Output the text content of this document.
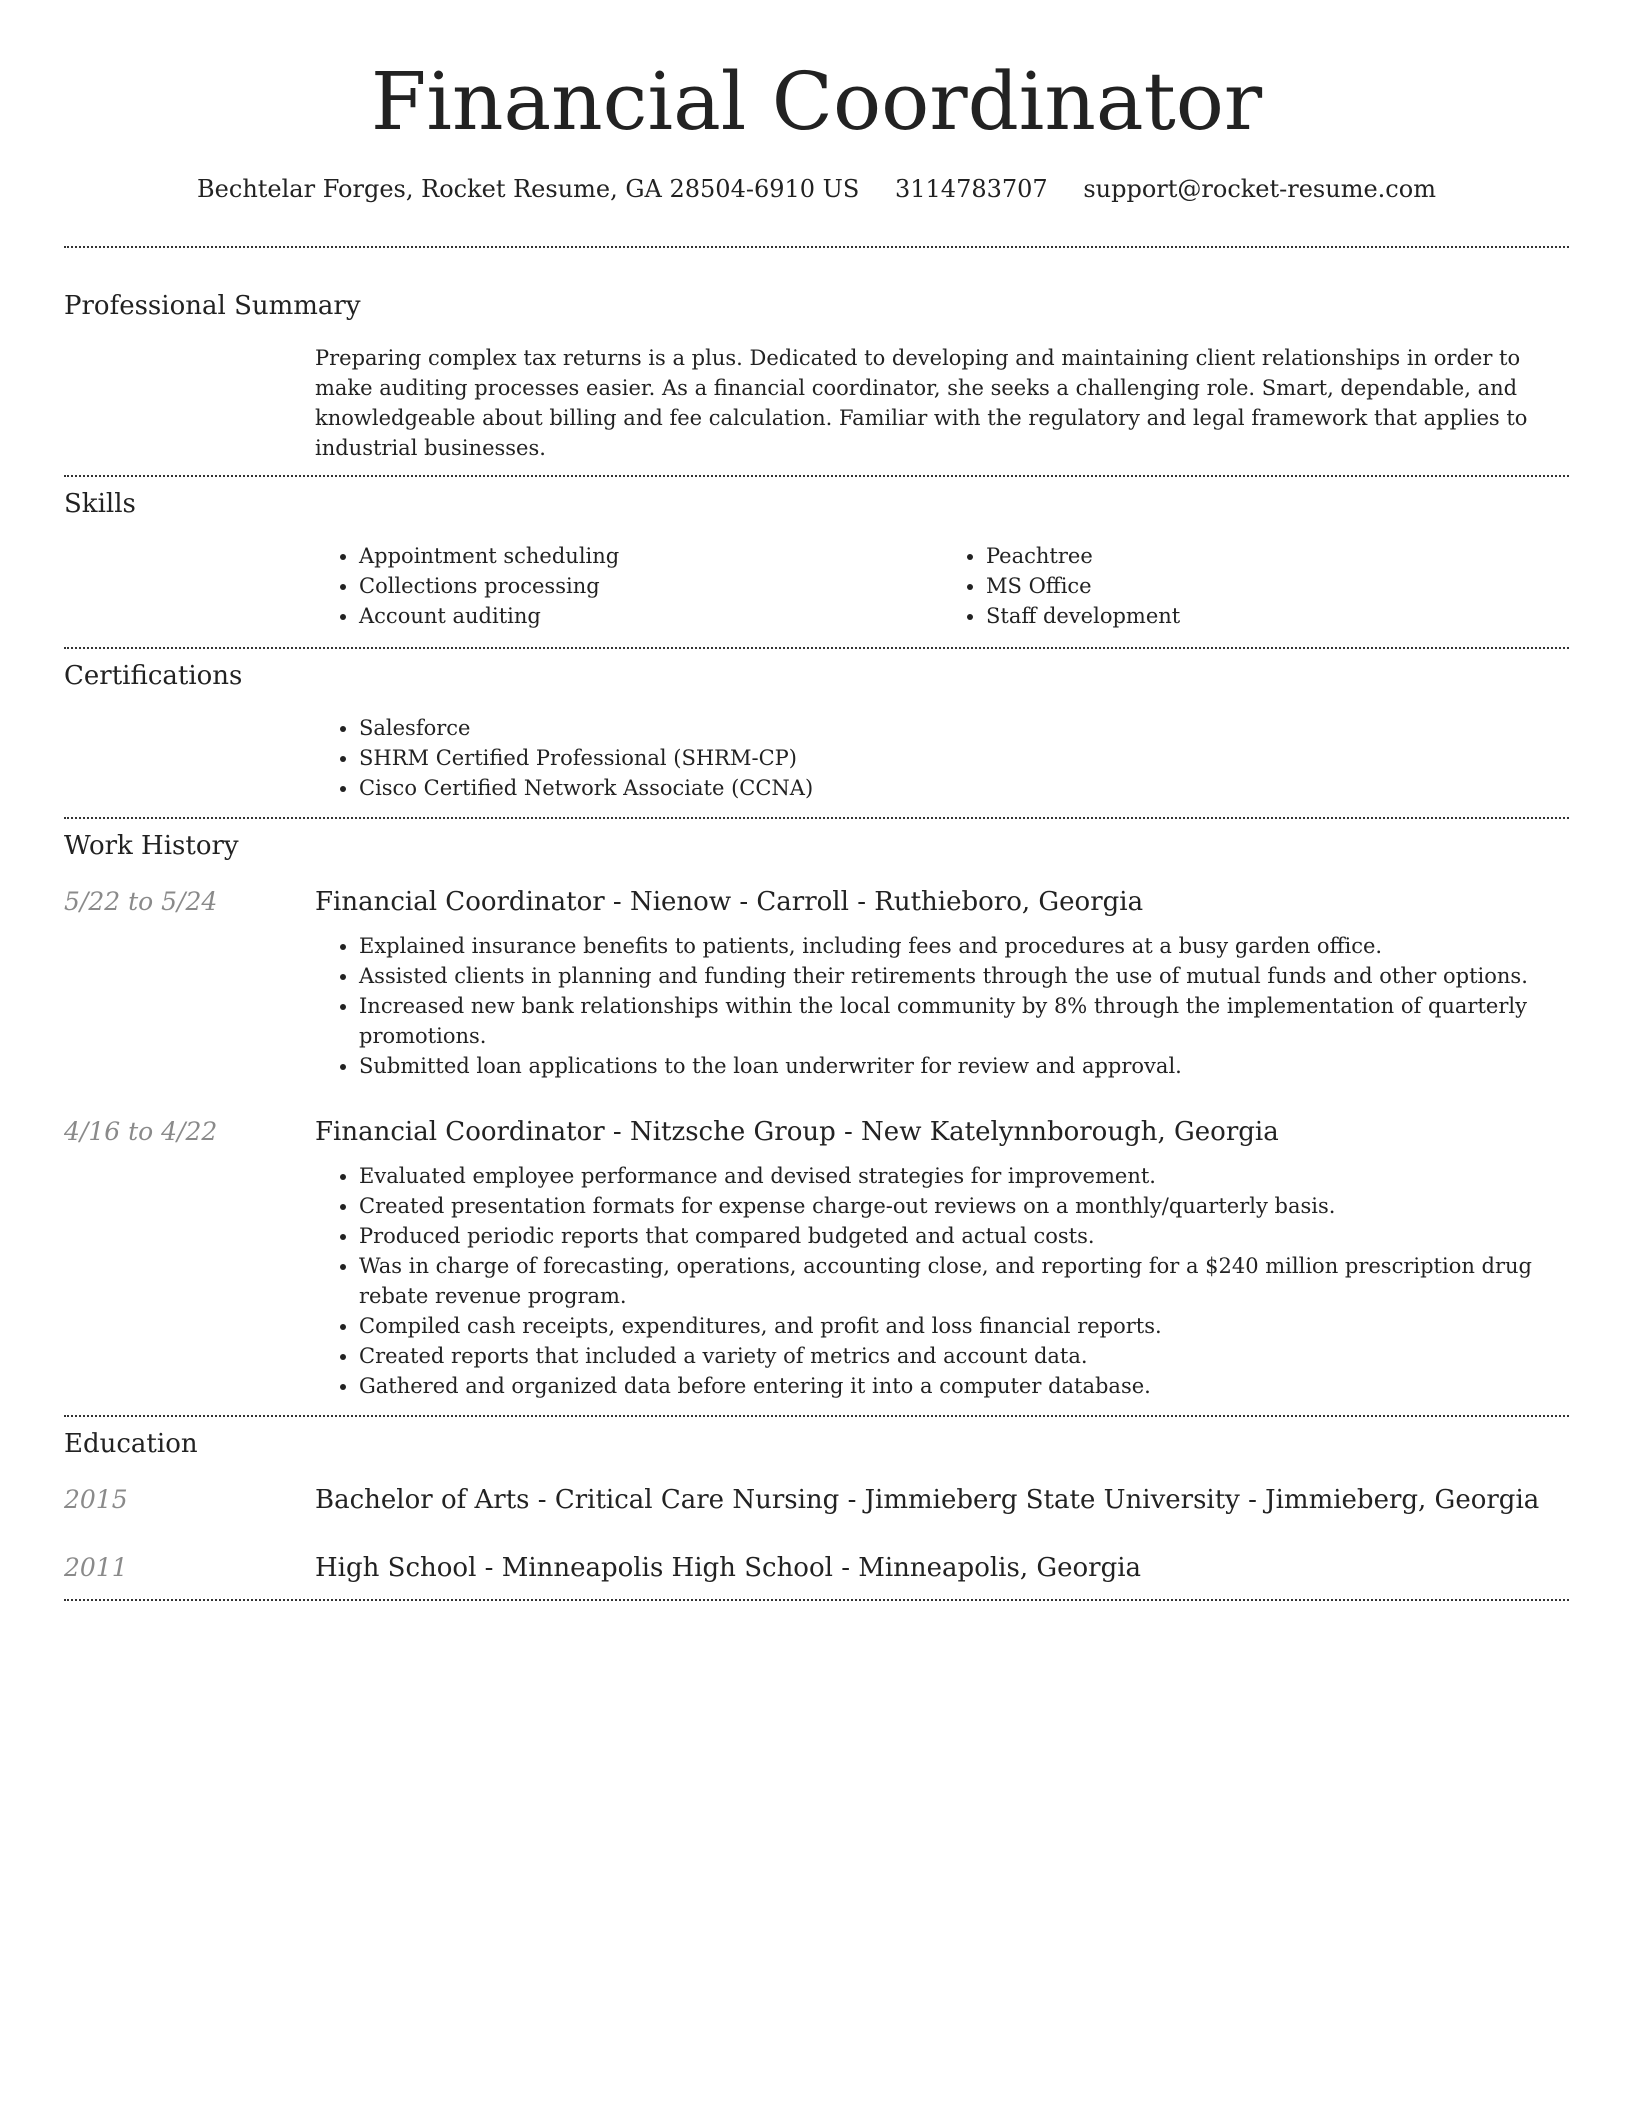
Financial Coordinator
Bechtelar Forges, Rocket Resume, GA 28504-6910 US 3114783707 support@rocket-resume.com
Professional Summary
Preparing complex tax returns is a plus. Dedicated to developing and maintaining client relationships in order to make auditing processes easier. As a financial coordinator, she seeks a challenging role. Smart, dependable, and knowledgeable about billing and fee calculation. Familiar with the regulatory and legal framework that applies to industrial businesses.
Skills
• Appointment scheduling
• Collections processing
• Account auditing
• Peachtree
• MS Office
• Staff development
Certifications
• Salesforce
• SHRM Certified Professional (SHRM-CP)
• Cisco Certified Network Associate (CCNA)
Work History
5/22 to 5/24	Financial Coordinator - Nienow - Carroll - Ruthieboro, Georgia
• Explained insurance benefits to patients, including fees and procedures at a busy garden office.
• Assisted clients in planning and funding their retirements through the use of mutual funds and other options.
• Increased new bank relationships within the local community by 8% through the implementation of quarterly promotions.
• Submitted loan applications to the loan underwriter for review and approval.
4/16 to 4/22	Financial Coordinator - Nitzsche Group - New Katelynnborough, Georgia
• Evaluated employee performance and devised strategies for improvement.
• Created presentation formats for expense charge-out reviews on a monthly/quarterly basis.
• Produced periodic reports that compared budgeted and actual costs.
• Was in charge of forecasting, operations, accounting close, and reporting for a $240 million prescription drug rebate revenue program.
• Compiled cash receipts, expenditures, and profit and loss financial reports.
• Created reports that included a variety of metrics and account data.
• Gathered and organized data before entering it into a computer database.
Education
2015	Bachelor of Arts - Critical Care Nursing - Jimmieberg State University - Jimmieberg, Georgia
2011	High School - Minneapolis High School - Minneapolis, Georgia
